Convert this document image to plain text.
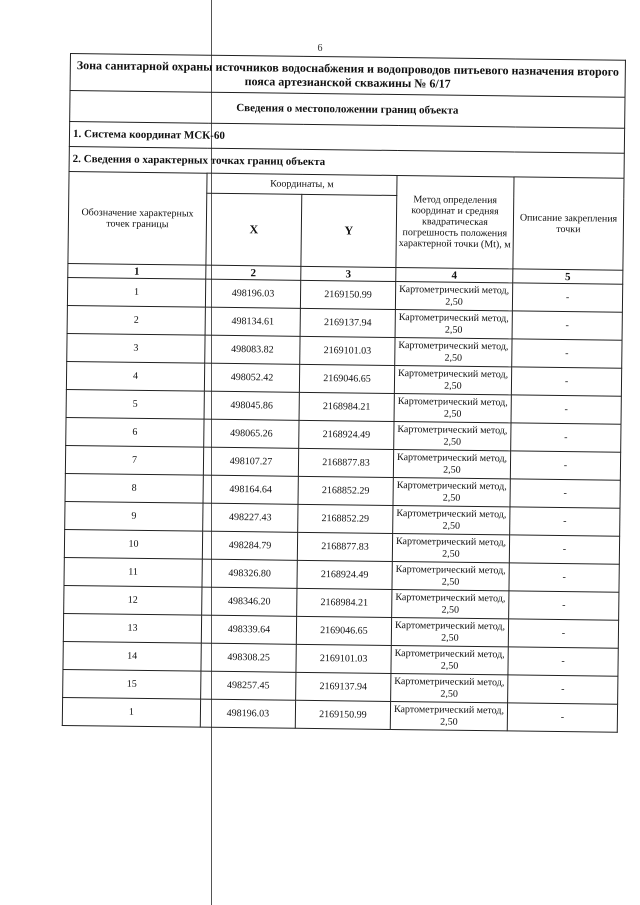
6
Зона санитарной охраны источников водоснабжения и водопроводов питьевого назначения второго пояса артезианской скважины № 6/17				
Сведения о местоположении границ объекта				
1. Система координат МСК-60				
2. Сведения о характерных точках границ объекта				
Обозначение характерных точек границы	Координаты, м		Метод определения координат и средняя квадратическая погрешность положения характерной точки (Mt), м	Описание закрепления точки
	X	Y		
1	2	3	4	5
1	498196.03	2169150.99	Картометрический метод, 2,50	-
2	498134.61	2169137.94	Картометрический метод, 2,50	-
3	498083.82	2169101.03	Картометрический метод, 2,50	-
4	498052.42	2169046.65	Картометрический метод, 2,50	-
5	498045.86	2168984.21	Картометрический метод, 2,50	-
6	498065.26	2168924.49	Картометрический метод, 2,50	-
7	498107.27	2168877.83	Картометрический метод, 2,50	-
8	498164.64	2168852.29	Картометрический метод, 2,50	-
9	498227.43	2168852.29	Картометрический метод, 2,50	-
10	498284.79	2168877.83	Картометрический метод, 2,50	-
11	498326.80	2168924.49	Картометрический метод, 2,50	-
12	498346.20	2168984.21	Картометрический метод, 2,50	-
13	498339.64	2169046.65	Картометрический метод, 2,50	-
14	498308.25	2169101.03	Картометрический метод, 2,50	-
15	498257.45	2169137.94	Картометрический метод, 2,50	-
1	498196.03	2169150.99	Картометрический метод, 2,50	-
